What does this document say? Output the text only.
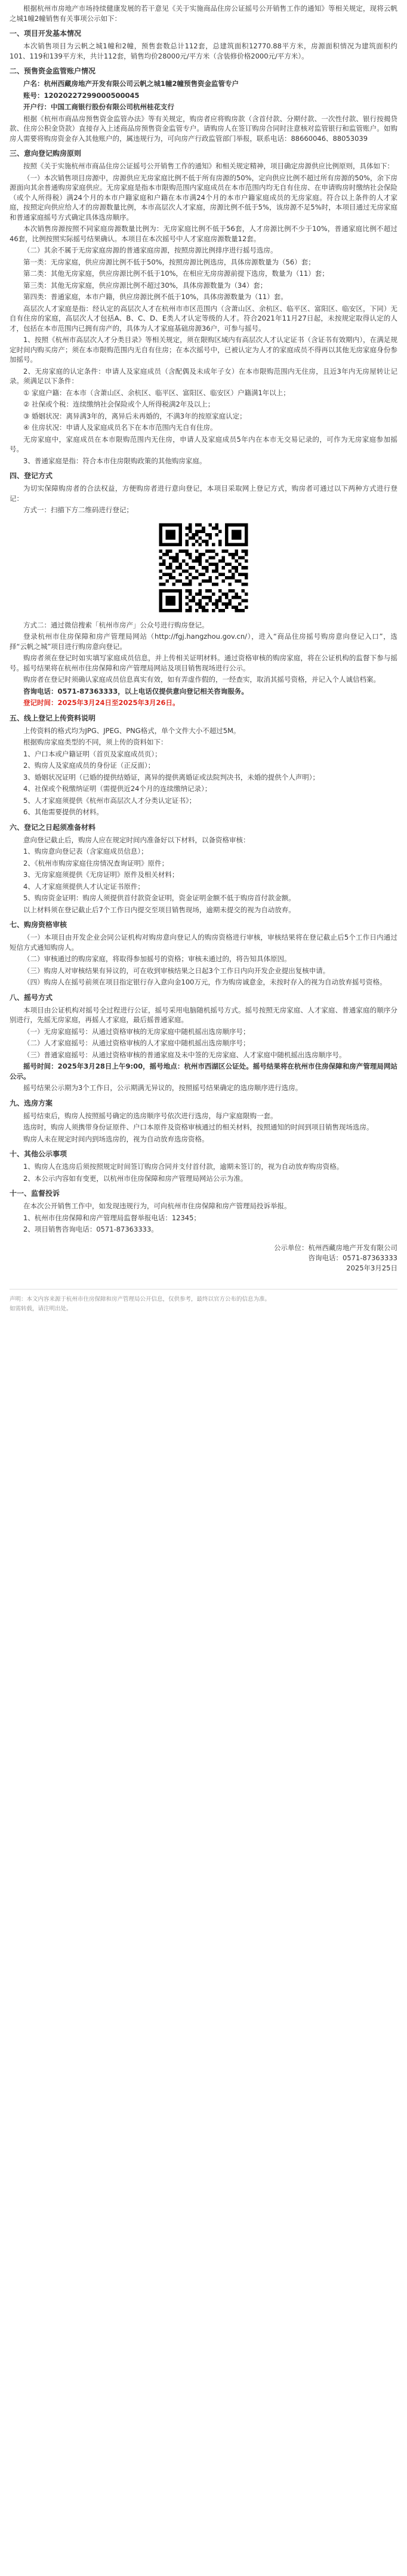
根据杭州市房地产市场持续健康发展的若干意见《关于实施商品住房公证摇号公开销售工作的通知》等相关规定，现将云帆之城1幢2幢销售有关事项公示如下：

一、项目开发基本情况

本次销售项目为云帆之城1幢和2幢，预售套数总计112套，总建筑面积12770.88平方米，房源面积情况为建筑面积约101、119和139平方米，共计112套，销售均价28000元/平方米（含装修价格2000元/平方米）。

二、预售资金监管账户情况

户名：杭州西藏房地产开发有限公司云帆之城1幢2幢预售资金监管专户

账号：12020227299000500045

开户行：中国工商银行股份有限公司杭州桂花支行

根据《杭州市商品房预售资金监管办法》等有关规定，购房者应将购房款（含首付款、分期付款、一次性付款、银行按揭贷款、住房公积金贷款）直接存入上述商品房预售资金监管专户。请购房人在签订购房合同时注意核对监管银行和监管账户。如购房人需要将购房资金存入其他账户的，属违规行为，可向房产行政监管部门举报，联系电话：88660046、88053039

三、意向登记购房原则

按照《关于实施杭州市商品住房公证摇号公开销售工作的通知》和相关规定精神，项目确定房源供应比例原则，具体如下：

（一）本次销售项目房源中，房源供应无房家庭比例不低于所有房源的50%，定向供应比例不超过所有房源的50%，余下房源面向其余普通购房家庭供应。无房家庭是指本市限购范围内家庭成员在本市范围内均无自有住房、在申请购房时缴纳社会保险（或个人所得税）满24个月的本市户籍家庭和户籍在本市满24个月的本市户籍家庭成员的无房家庭。符合以上条件的人才家庭，按照定向供应给人才的房源数量比例，本市高层次人才家庭，房源比例不低于5%，该房源不足5%时，本项目通过无房家庭和普通家庭摇号方式确定具体选房顺序。

本次销售房源按照不同家庭房源数量比例为：无房家庭比例不低于56套，人才房源比例不少于10%，普通家庭比例不超过46套，比例按照实际摇号结果确认。本项目在本次摇号中人才家庭房源数量12套。

（二）其余不属于无房家庭房源的普通家庭房源，按照房源比例排序进行摇号选房。

第一类：无房家庭，供应房源比例不低于50%，按照房源比例选房，具体房源数量为（56）套；

第二类：其他无房家庭，供应房源比例不低于10%，在相应无房房源前提下选房，数量为（11）套；

第三类：其他无房家庭，供应房源比例不超过30%，具体房源数量为（34）套；

第四类：普通家庭，本市户籍，供应房源比例不低于10%，具体房源数量为（11）套。

高层次人才家庭是指：经认定的高层次人才在杭州市市区范围内（含萧山区、余杭区、临平区、富阳区、临安区，下同）无自有住房的家庭，高层次人才包括A、B、C、D、E类人才认定等级的人才。符合2021年11月27日起，未按规定取得认定的人才，包括在本市范围内已拥有房产的，具体为人才家庭基础房源36户，可参与摇号。

1、按照《杭州市高层次人才分类目录》等相关规定，须在限购区域内有高层次人才认定证书（含证书有效期内），在满足规定时间内购买房产；须在本市限购范围内无自有住房；在本次摇号中，已被认定为人才的家庭成员不得再以其他无房家庭身份参加摇号。

2、无房家庭的认定条件：申请人及家庭成员（含配偶及未成年子女）在本市限购范围内无住房，且近3年内无房屋转让记录。须满足以下条件：

① 家庭户籍：在本市（含萧山区、余杭区、临平区、富阳区、临安区）户籍满1年以上；

② 社保或个税：连续缴纳社会保险或个人所得税满2年及以上；

③ 婚姻状况：离异满3年的，离异后未再婚的，不满3年的按原家庭认定；

④ 住房状况：申请人及家庭成员名下在本市范围内无自有住房。

无房家庭中，家庭成员在本市限购范围内无住房，申请人及家庭成员5年内在本市无交易记录的，可作为无房家庭参加摇号。

3、普通家庭是指：符合本市住房限购政策的其他购房家庭。

四、登记方式

为切实保障购房者的合法权益，方便购房者进行意向登记，本项目采取网上登记方式，购房者可通过以下两种方式进行登记：

方式一：扫描下方二维码进行登记；

方式二：通过微信搜索「杭州市房产」公众号进行购房登记。

登录杭州市住房保障和房产管理局网站（http://fgj.hangzhou.gov.cn/），进入“商品住房摇号购房意向登记入口”，选择“云帆之城”项目进行购房意向登记。

购房者须在登记时如实填写家庭成员信息，并上传相关证明材料。通过资格审核的购房家庭，将在公证机构的监督下参与摇号。摇号结果将在杭州市住房保障和房产管理局网站及项目销售现场进行公示。

购房者在登记时须确认家庭成员信息真实有效，如有弄虚作假的，一经查实，取消其摇号资格，并记入个人诚信档案。

咨询电话：0571-87363333，以上电话仅提供意向登记相关咨询服务。

登记时间：2025年3月24日至2025年3月26日。

五、线上登记上传资料说明

上传资料的格式均为JPG、JPEG、PNG格式，单个文件大小不超过5M。

根据购房家庭类型的不同，须上传的资料如下：

1、户口本或户籍证明（首页及家庭成员页）；

2、购房人及家庭成员的身份证（正反面）；

3、婚姻状况证明（已婚的提供结婚证，离异的提供离婚证或法院判决书，未婚的提供个人声明）；

4、社保或个税缴纳证明（需提供近24个月的连续缴纳记录）；

5、人才家庭须提供《杭州市高层次人才分类认定证书》；

6、其他需要提供的材料。

六、登记之日起须准备材料

意向登记截止后，购房人应在规定时间内准备好以下材料，以备资格审核：

1、购房意向登记表（含家庭成员信息）；

2、《杭州市购房家庭住房情况查询证明》原件；

3、无房家庭须提供《无房证明》原件及相关材料；

4、人才家庭须提供人才认定证书原件；

5、购房资金证明：购房人须提供首付款资金证明，资金证明金额不低于购房首付款金额。

以上材料须在登记截止后7个工作日内提交至项目销售现场，逾期未提交的视为自动放弃。

七、购房资格审核

（一）本项目由开发企业会同公证机构对购房意向登记人的购房资格进行审核，审核结果将在登记截止后5个工作日内通过短信方式通知购房人。

（二）审核通过的购房家庭，将取得参加摇号的资格；审核未通过的，将告知具体原因。

（三）购房人对审核结果有异议的，可在收到审核结果之日起3个工作日内向开发企业提出复核申请。

（四）购房人在摇号前须在项目指定银行存入意向金100万元，作为购房诚意金，未按时存入的视为自动放弃摇号资格。

八、摇号方式

本项目由公证机构对摇号全过程进行公证，摇号采用电脑随机摇号方式。摇号按照无房家庭、人才家庭、普通家庭的顺序分别进行，先摇无房家庭，再摇人才家庭，最后摇普通家庭。

（一）无房家庭摇号：从通过资格审核的无房家庭中随机摇出选房顺序号；

（二）人才家庭摇号：从通过资格审核的人才家庭中随机摇出选房顺序号；

（三）普通家庭摇号：从通过资格审核的普通家庭及未中签的无房家庭、人才家庭中随机摇出选房顺序号。

摇号时间：2025年3月28日上午9:00，摇号地点：杭州市西湖区公证处。摇号结果将在杭州市住房保障和房产管理局网站公示。

摇号结果公示期为3个工作日，公示期满无异议的，按照摇号结果确定的选房顺序进行选房。

九、选房方案

摇号结束后，购房人按照摇号确定的选房顺序号依次进行选房，每户家庭限购一套。

选房时，购房人须携带身份证原件、户口本原件及资格审核通过的相关材料，按照通知的时间到项目销售现场选房。

购房人未在规定时间内到场选房的，视为自动放弃选房资格。

十、其他公示事项

1、购房人在选房后须按照规定时间签订购房合同并支付首付款，逾期未签订的，视为自动放弃购房资格。

2、本公示内容如有变更，以杭州市住房保障和房产管理局网站公示为准。

十一、监督投诉

在本次公开销售工作中，如发现违规行为，可向杭州市住房保障和房产管理局投诉举报。

1、杭州市住房保障和房产管理局监督举报电话：12345；

2、项目销售咨询电话：0571-87363333。

公示单位：杭州西藏房地产开发有限公司
咨询电话：0571-87363333
2025年3月25日

声明：本文内容来源于杭州市住房保障和房产管理局公开信息，仅供参考，最终以官方公布的信息为准。

如需转载，请注明出处。
